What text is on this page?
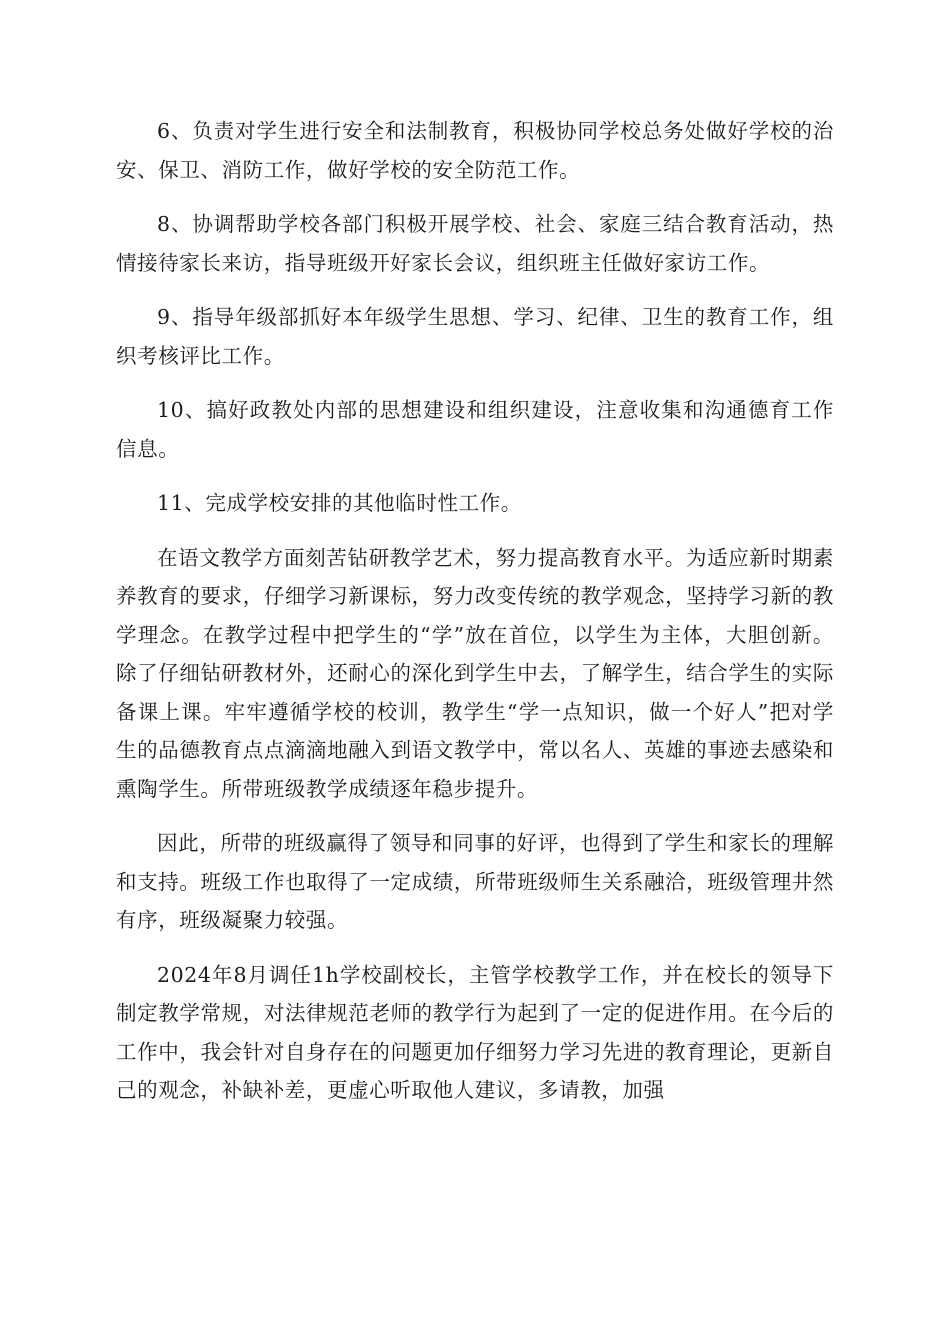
6、负责对学生进行安全和法制教育，积极协同学校总务处做好学校的治安、保卫、消防工作，做好学校的安全防范工作。

8、协调帮助学校各部门积极开展学校、社会、家庭三结合教育活动，热情接待家长来访，指导班级开好家长会议，组织班主任做好家访工作。

9、指导年级部抓好本年级学生思想、学习、纪律、卫生的教育工作，组织考核评比工作。

10、搞好政教处内部的思想建设和组织建设，注意收集和沟通德育工作信息。

11、完成学校安排的其他临时性工作。

在语文教学方面刻苦钻研教学艺术，努力提高教育水平。为适应新时期素养教育的要求，仔细学习新课标，努力改变传统的教学观念，坚持学习新的教学理念。在教学过程中把学生的“学”放在首位，以学生为主体，大胆创新。除了仔细钻研教材外，还耐心的深化到学生中去，了解学生，结合学生的实际备课上课。牢牢遵循学校的校训，教学生“学一点知识，做一个好人”把对学生的品德教育点点滴滴地融入到语文教学中，常以名人、英雄的事迹去感染和熏陶学生。所带班级教学成绩逐年稳步提升。

因此，所带的班级赢得了领导和同事的好评，也得到了学生和家长的理解和支持。班级工作也取得了一定成绩，所带班级师生关系融洽，班级管理井然有序，班级凝聚力较强。

2024年8月调任1h学校副校长，主管学校教学工作，并在校长的领导下制定教学常规，对法律规范老师的教学行为起到了一定的促进作用。在今后的工作中，我会针对自身存在的问题更加仔细努力学习先进的教育理论，更新自己的观念，补缺补差，更虚心听取他人建议，多请教，加强
